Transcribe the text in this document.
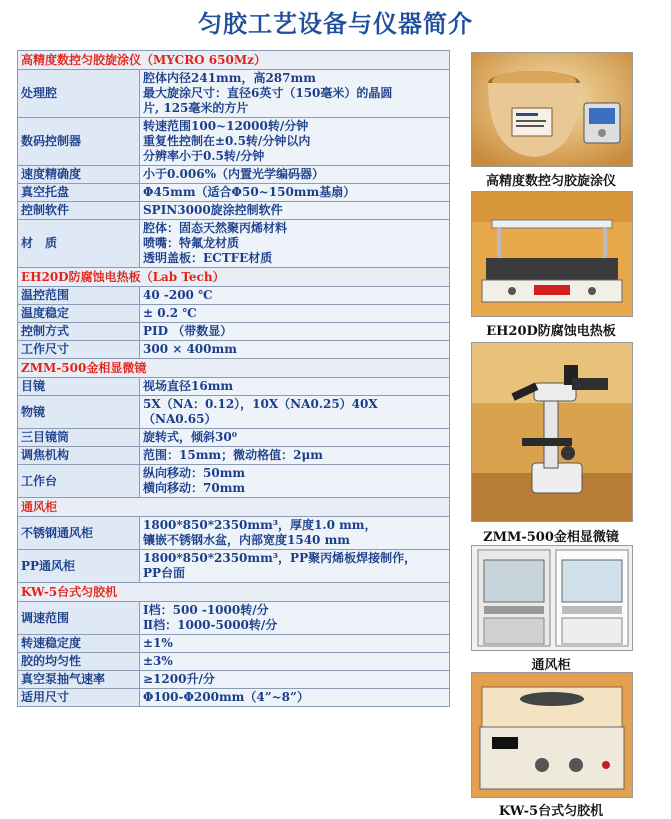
匀胶工艺设备与仪器简介
高精度数控匀胶旋涂仪（MYCRO 650Mz）	
处理腔	腔体内径241mm，高287mm
最大旋涂尺寸：直径6英寸（150毫米）的晶圆
片, 125毫米的方片

数码控制器	转速范围100~12000转/分钟
重复性控制在±0.5转/分钟以内
分辨率小于0.5转/分钟

速度精确度	小于0.006%（内置光学编码器）

真空托盘	Φ45mm（适合Φ50~150mm基扇）

控制软件	SPIN3000旋涂控制软件

材　质	腔体：固态天然聚丙烯材料
喷嘴：特氟龙材质
透明盖板：ECTFE材质

EH20D防腐蚀电热板（Lab Tech）	
温控范围	40 -200 ℃

温度稳定	± 0.2 ℃

控制方式	PID （带数显）

工作尺寸	300 × 400mm

ZMM-500金相显微镜	
目镜	视场直径16mm

物镜	5X（NA：0.12），10X（NA0.25）40X
（NA0.65）

三目镜筒	旋转式，倾斜30⁰

调焦机构	范围：15mm；微动格值：2μm

工作台	纵向移动：50mm
横向移动：70mm

通风柜	
不锈钢通风柜	1800*850*2350mm³，厚度1.0 mm，
镶嵌不锈钢水盆，内部宽度1540 mm

PP通风柜	1800*850*2350mm³，PP聚丙烯板焊接制作，
PP台面

KW-5台式匀胶机	
调速范围	I档：500 -1000转/分
Ⅱ档：1000-5000转/分

转速稳定度	±1%

胶的均匀性	±3%

真空泵抽气速率	≥1200升/分

适用尺寸	Φ100-Φ200mm（4”~8”）
高精度数控匀胶旋涂仪
EH20D防腐蚀电热板
ZMM-500金相显微镜
通风柜
KW-5台式匀胶机
